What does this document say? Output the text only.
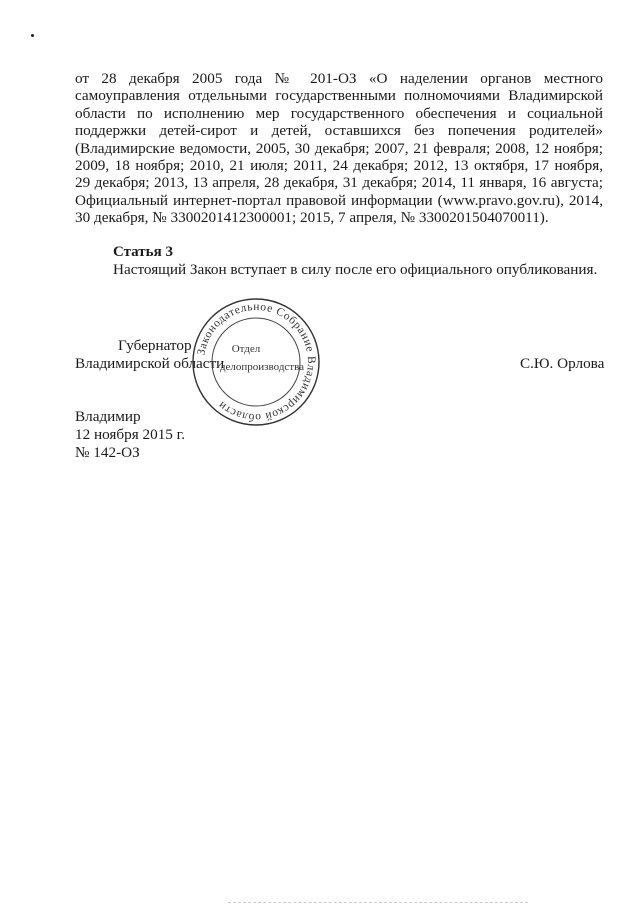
от 28 декабря 2005 года № 201-ОЗ «О наделении органов местного
самоуправления отдельными государственными полномочиями Владимирской
области по исполнению мер государственного обеспечения и социальной
поддержки детей-сирот и детей, оставшихся без попечения родителей»
(Владимирские ведомости, 2005, 30 декабря; 2007, 21 февраля; 2008, 12 ноября;
2009, 18 ноября; 2010, 21 июля; 2011, 24 декабря; 2012, 13 октября, 17 ноября,
29 декабря; 2013, 13 апреля, 28 декабря, 31 декабря; 2014, 11 января, 16 августа;
Официальный интернет-портал правовой информации (www.pravo.gov.ru), 2014,
30 декабря, № 3300201412300001; 2015, 7 апреля, № 3300201504070011).
Статья 3
Настоящий Закон вступает в силу после его официального опубликования.
Губернатор
Владимирской области	С.Ю. Орлова
Владимир
12 ноября 2015 г.
№ 142-ОЗ
Законодательное Собрание Владимирской области
Отдел
делопроизводства
